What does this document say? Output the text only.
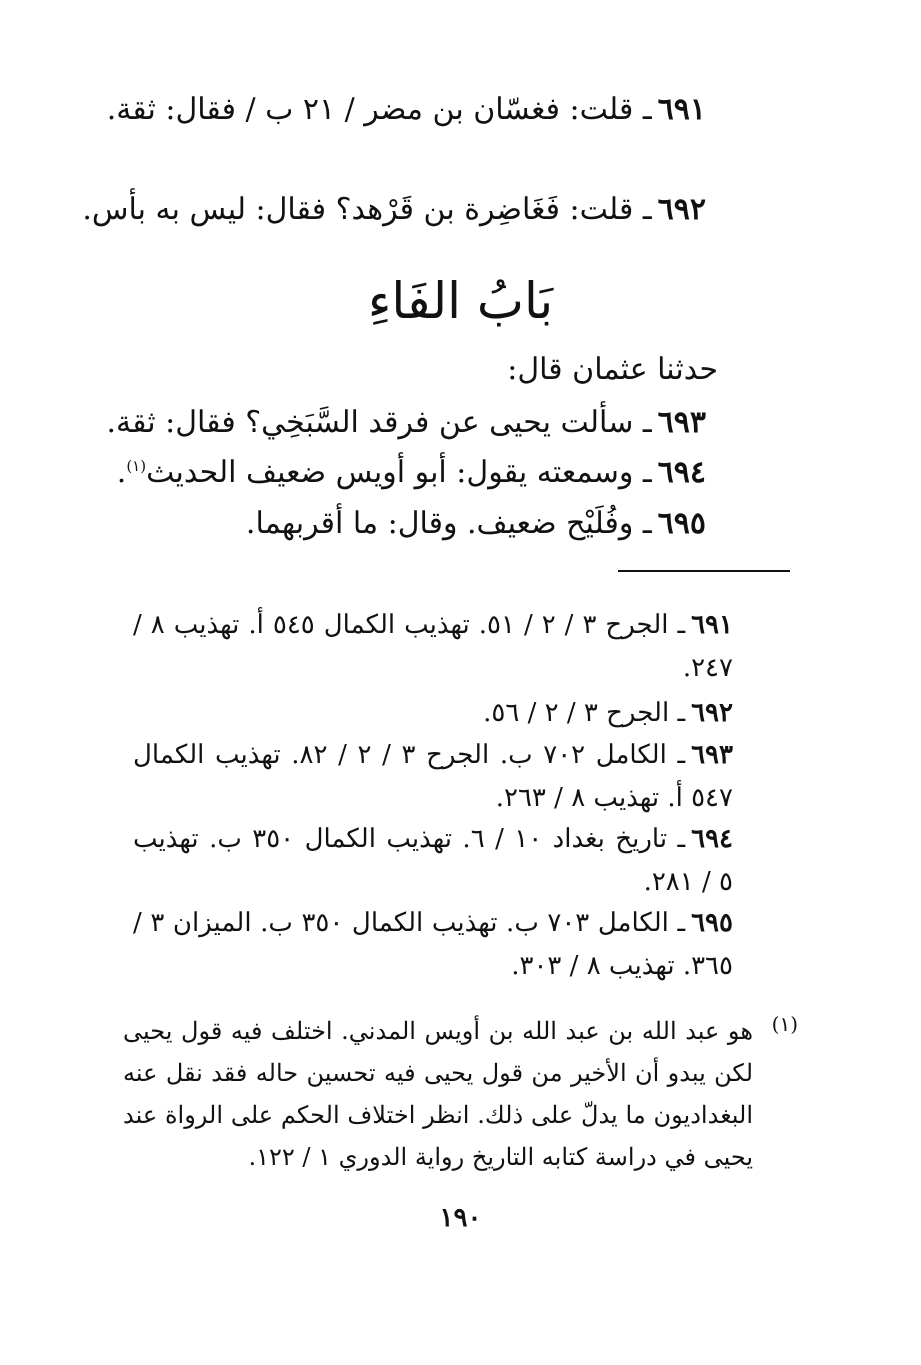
٦٩١ـ قلت: فغسّان بن مضر / ٢١ ب / فقال: ثقة.
٦٩٢ـ قلت: فَغَاضِرة بن قَرْهد؟ فقال: ليس به بأس.
بَابُ الفَاءِ
حدثنا عثمان قال:
٦٩٣ـ سألت يحيى عن فرقد السَّبَخِي؟ فقال: ثقة.
٦٩٤ـ وسمعته يقول: أبو أويس ضعيف الحديث$^{(١)}$.
٦٩٥ـ وفُلَيْح ضعيف. وقال: ما أقربهما.
٦٩١ـ الجرح ٣ / ٢ / ٥١. تهذيب الكمال ٥٤٥ أ. تهذيب ٨ / ٢٤٧.
٦٩٢ـ الجرح ٣ / ٢ / ٥٦.
٦٩٣ـ الكامل ٧٠٢ ب. الجرح ٣ / ٢ / ٨٢. تهذيب الكمال ٥٤٧ أ. تهذيب ٨ / ٢٦٣.
٦٩٤ـ تاريخ بغداد ١٠ / ٦. تهذيب الكمال ٣٥٠ ب. تهذيب ٥ / ٢٨١.
٦٩٥ـ الكامل ٧٠٣ ب. تهذيب الكمال ٣٥٠ ب. الميزان ٣ / ٣٦٥. تهذيب ٨ / ٣٠٣.
(١)
هو عبد الله بن عبد الله بن أويس المدني. اختلف فيه قول يحيى لكن يبدو أن الأخير من قول يحيى فيه تحسين حاله فقد نقل عنه البغداديون ما يدلّ على ذلك. انظر اختلاف الحكم على الرواة عند يحيى في دراسة كتابه التاريخ رواية الدوري ١ / ١٢٢.
١٩٠
